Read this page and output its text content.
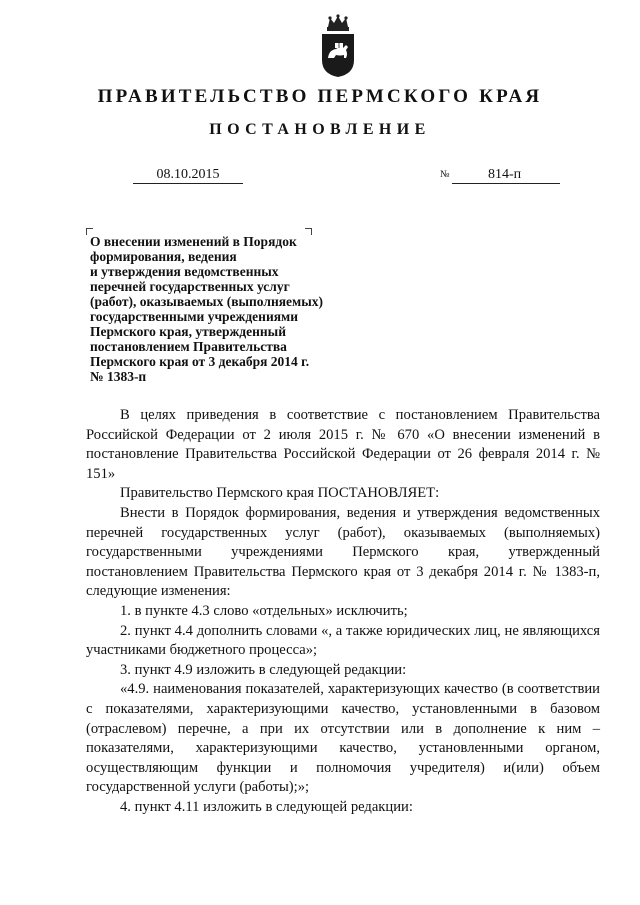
ПРАВИТЕЛЬСТВО ПЕРМСКОГО КРАЯ
ПОСТАНОВЛЕНИЕ
08.10.2015	№	814-п
О внесении изменений в Порядок
формирования, ведения
и утверждения ведомственных
перечней государственных услуг
(работ), оказываемых (выполняемых)
государственными учреждениями
Пермского края, утвержденный
постановлением Правительства
Пермского края от 3 декабря 2014 г.
№ 1383-п

В целях приведения в соответствие с постановлением Правительства Российской Федерации от 2 июля 2015 г. № 670 «О внесении изменений в постановление Правительства Российской Федерации от 26 февраля 2014 г. № 151»

Правительство Пермского края ПОСТАНОВЛЯЕТ:

Внести в Порядок формирования, ведения и утверждения ведомственных перечней государственных услуг (работ), оказываемых (выполняемых) государственными учреждениями Пермского края, утвержденный постановлением Правительства Пермского края от 3 декабря 2014 г. № 1383-п, следующие изменения:

1. в пункте 4.3 слово «отдельных» исключить;

2. пункт 4.4 дополнить словами «, а также юридических лиц, не являющихся участниками бюджетного процесса»;

3. пункт 4.9 изложить в следующей редакции:

«4.9. наименования показателей, характеризующих качество (в соответствии с показателями, характеризующими качество, установленными в базовом (отраслевом) перечне, а при их отсутствии или в дополнение к ним – показателями, характеризующими качество, установленными органом, осуществляющим функции и полномочия учредителя) и(или) объем государственной услуги (работы);»;

4. пункт 4.11 изложить в следующей редакции:
